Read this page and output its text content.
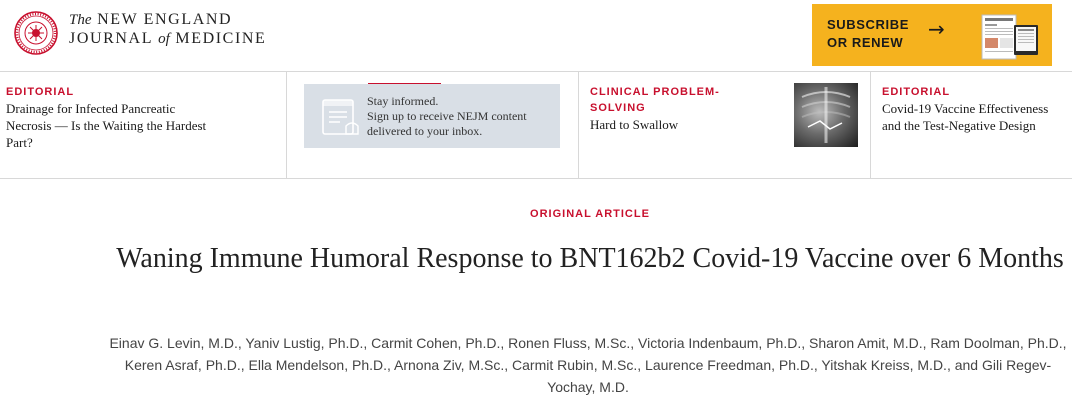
The NEW ENGLAND
JOURNAL of MEDICINE
SUBSCRIBE
OR RENEW
→
EDITORIAL
Drainage for Infected Pancreatic Necrosis — Is the Waiting the Hardest Part?
Stay informed.
Sign up to receive NEJM content delivered to your inbox.
CLINICAL PROBLEM-SOLVING
Hard to Swallow
EDITORIAL
Covid-19 Vaccine Effectiveness and the Test-Negative Design
ORIGINAL ARTICLE
Waning Immune Humoral Response to BNT162b2 Covid-19 Vaccine over 6 Months
Einav G. Levin, M.D., Yaniv Lustig, Ph.D., Carmit Cohen, Ph.D., Ronen Fluss, M.Sc., Victoria Indenbaum, Ph.D., Sharon Amit, M.D., Ram Doolman, Ph.D., Keren Asraf, Ph.D., Ella Mendelson, Ph.D., Arnona Ziv, M.Sc., Carmit Rubin, M.Sc., Laurence Freedman, Ph.D., Yitshak Kreiss, M.D., and Gili Regev-Yochay, M.D.
